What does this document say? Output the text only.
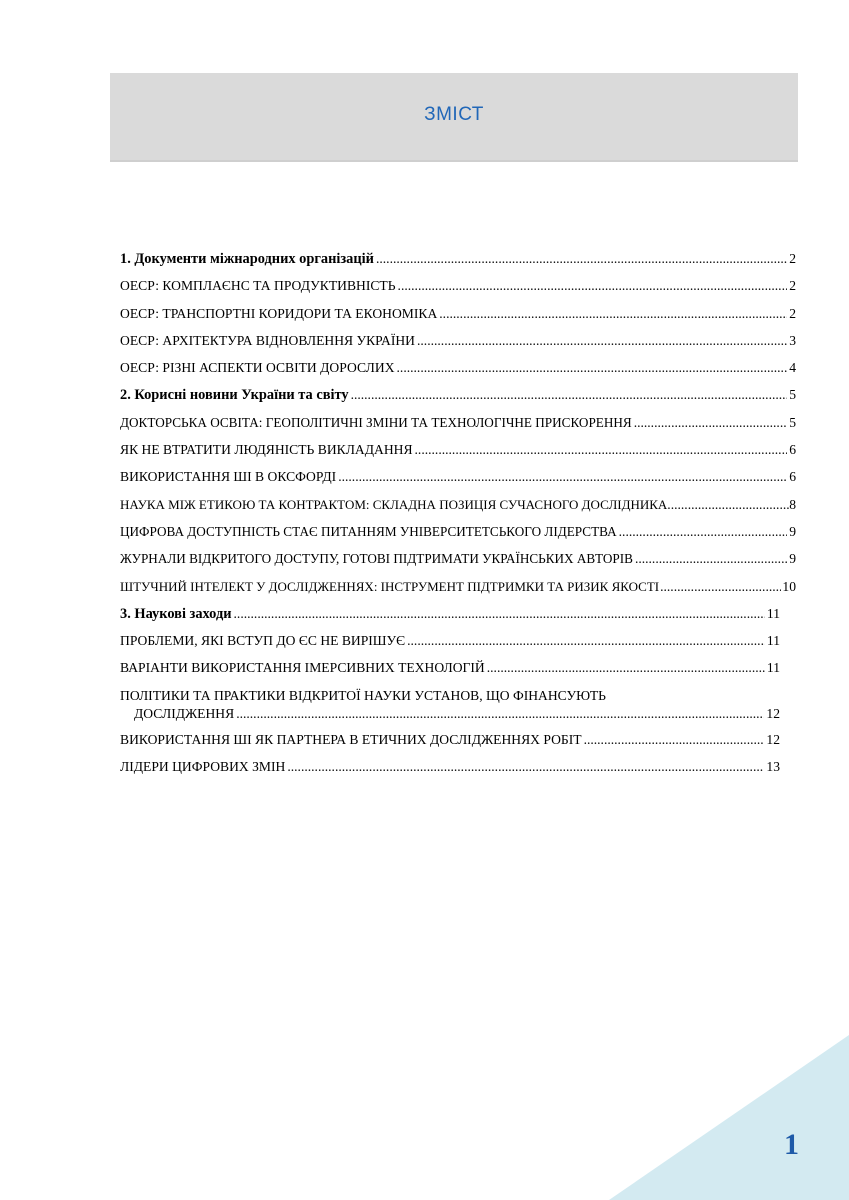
ЗМІСТ
1. Документи міжнародних організацій .....	2
ОЕСР: КОМПЛАЄНС ТА ПРОДУКТИВНІСТЬ .....	2
ОЕСР: ТРАНСПОРТНІ КОРИДОРИ ТА ЕКОНОМІКА .....	2
ОЕСР: АРХІТЕКТУРА ВІДНОВЛЕННЯ УКРАЇНИ .....	3
ОЕСР: РІЗНІ АСПЕКТИ ОСВІТИ ДОРОСЛИХ .....	4
2. Корисні новини України та світу .....	5
ДОКТОРСЬКА ОСВІТА: ГЕОПОЛІТИЧНІ ЗМІНИ ТА ТЕХНОЛОГІЧНЕ ПРИСКОРЕННЯ .....	5
ЯК НЕ ВТРАТИТИ ЛЮДЯНІСТЬ ВИКЛАДАННЯ .....	6
ВИКОРИСТАННЯ ШІ В ОКСФОРДІ .....	6
НАУКА МІЖ ЕТИКОЮ ТА КОНТРАКТОМ: СКЛАДНА ПОЗИЦІЯ СУЧАСНОГО ДОСЛІДНИКА .....	8
ЦИФРОВА ДОСТУПНІСТЬ СТАЄ ПИТАННЯМ УНІВЕРСИТЕТСЬКОГО ЛІДЕРСТВА .....	9
ЖУРНАЛИ ВІДКРИТОГО ДОСТУПУ, ГОТОВІ ПІДТРИМАТИ УКРАЇНСЬКИХ АВТОРІВ .....	9
ШТУЧНИЙ ІНТЕЛЕКТ У ДОСЛІДЖЕННЯХ: ІНСТРУМЕНТ ПІДТРИМКИ ТА РИЗИК ЯКОСТІ .....	10
3. Наукові заходи .....	11
ПРОБЛЕМИ, ЯКІ ВСТУП ДО ЄС НЕ ВИРІШУЄ .....	11
ВАРІАНТИ ВИКОРИСТАННЯ ІМЕРСИВНИХ ТЕХНОЛОГІЙ .....	11
ПОЛІТИКИ ТА ПРАКТИКИ ВІДКРИТОЇ НАУКИ УСТАНОВ, ЩО ФІНАНСУЮТЬ
ДОСЛІДЖЕННЯ .....	12
ВИКОРИСТАННЯ ШІ ЯК ПАРТНЕРА В ЕТИЧНИХ ДОСЛІДЖЕННЯХ РОБІТ .....	12
ЛІДЕРИ ЦИФРОВИХ ЗМІН .....	13
1
